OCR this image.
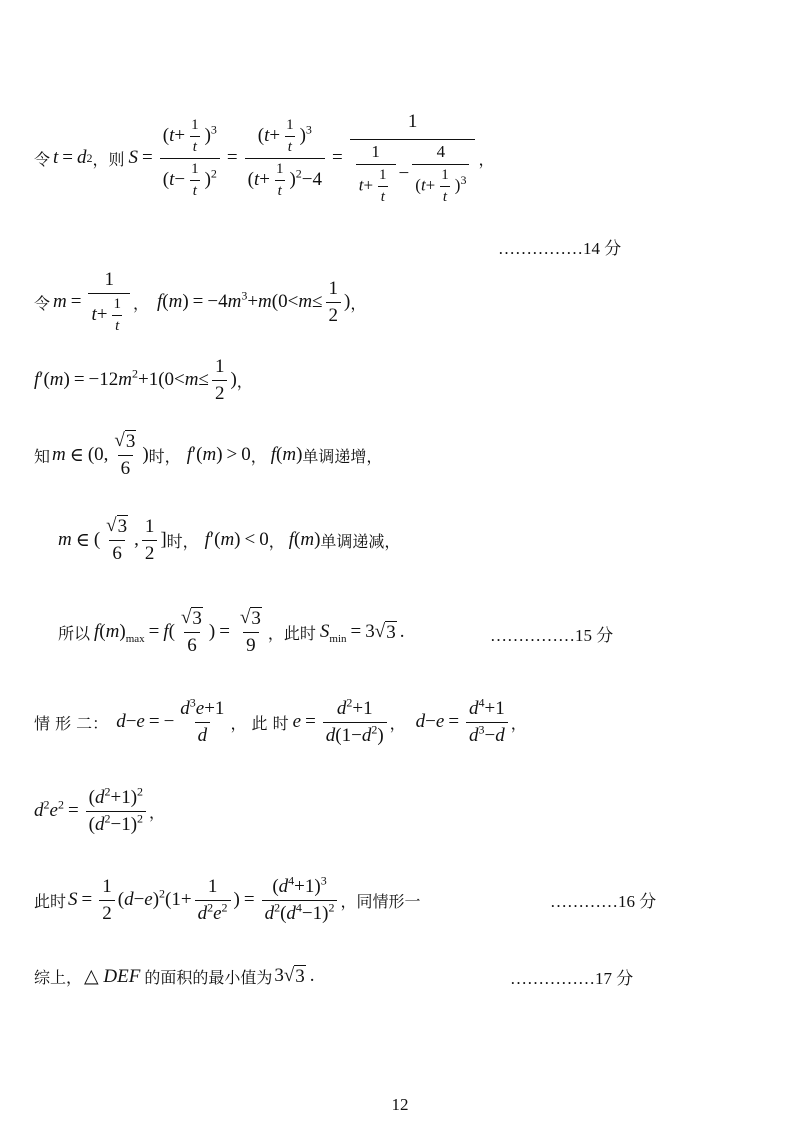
令 t = d 2 ，则 $S = \frac{(t+ \frac{1}{t} )^3}{(t- \frac{1}{t} )^2} = \frac{(t+ \frac{1}{t} )^3}{(t+ \frac{1}{t} )^2-4} = \frac{1}{\frac{1}{t+ \frac{1}{t}} - \frac{4}{(t+ \frac{1}{t} )^3}}$ ，
……………14 分
令 $m = \frac{1}{t+ \frac{1}{t}}$ ， $f(m) = -4m^3+m(0<m\le \frac{1}{2}$ ) ，
$f'(m) = -12m^2+1(0<m\le \frac{1}{2}$ ) ，
知 m ∈ (0, $\frac{√ 3}{6}$ ) 时， f′(m) > 0 ， f(m) 单调递增，
m ∈ ( $\frac{√ 3}{6}$ , $\frac{1}{2}$ ] 时， f′(m) < 0 ， f(m) 单调递减，
所以 $f(m)_{max} = f$ ( $\frac{√ 3}{6}$ ) = $\frac{√ 3}{9}$ ，此时 $S_{min} = 3√$ 3 .	……………15 分
情 形 二： d−e = − $\frac{d^3e+1}{d}$ ， 此 时 $e = \frac{d^2+1}{d(1-d^2)}$ ， $d-e = \frac{d^4+1}{d^3-d}$ ，
$d^2e^2 = \frac{(d^2+1)^2}{(d^2-1)^2}$ ，
此时 $S = \frac{1}{2} (d-e)^2(1+ \frac{1}{d^2e^2}$ ) = $\frac{(d^4+1)^3}{d^2(d^4-1)^2}$ ，同情形一	…………16 分
综上， △ DEF 的面积的最小值为 3√ 3 .	……………17 分
12
